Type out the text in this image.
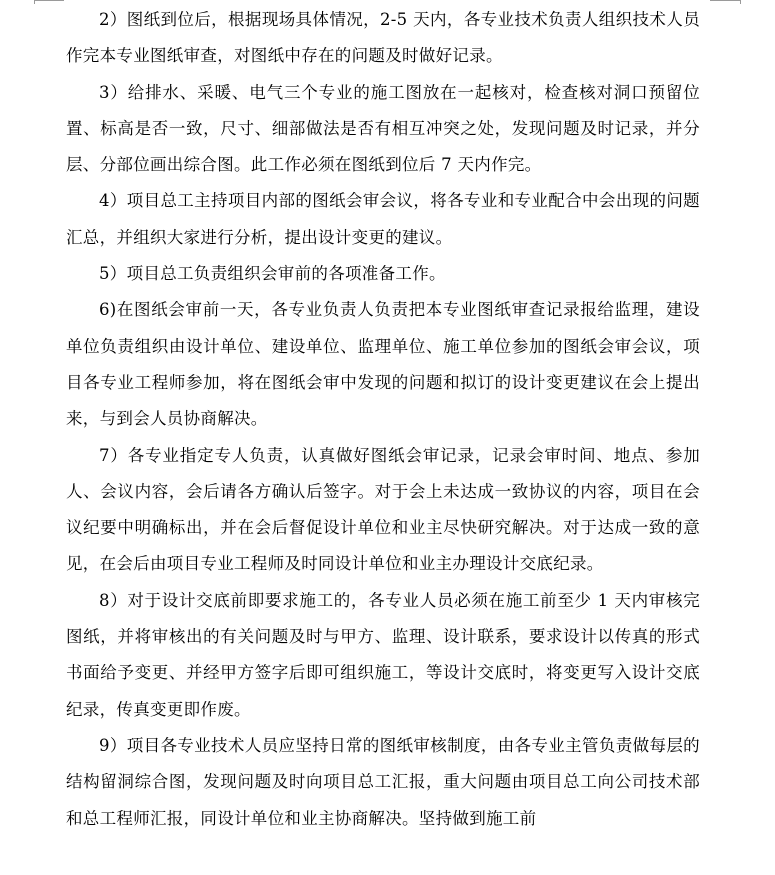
2）图纸到位后，根据现场具体情况，2-5 天内，各专业技术负责人组织技术人员作完本专业图纸审查，对图纸中存在的问题及时做好记录。

3）给排水、采暖、电气三个专业的施工图放在一起核对，检查核对洞口预留位置、标高是否一致，尺寸、细部做法是否有相互冲突之处，发现问题及时记录，并分层、分部位画出综合图。此工作必须在图纸到位后 7 天内作完。

4）项目总工主持项目内部的图纸会审会议，将各专业和专业配合中会出现的问题汇总，并组织大家进行分析，提出设计变更的建议。

5）项目总工负责组织会审前的各项准备工作。

6)在图纸会审前一天，各专业负责人负责把本专业图纸审查记录报给监理，建设单位负责组织由设计单位、建设单位、监理单位、施工单位参加的图纸会审会议，项目各专业工程师参加，将在图纸会审中发现的问题和拟订的设计变更建议在会上提出来，与到会人员协商解决。

7）各专业指定专人负责，认真做好图纸会审记录，记录会审时间、地点、参加人、会议内容，会后请各方确认后签字。对于会上未达成一致协议的内容，项目在会议纪要中明确标出，并在会后督促设计单位和业主尽快研究解决。对于达成一致的意见，在会后由项目专业工程师及时同设计单位和业主办理设计交底纪录。

8）对于设计交底前即要求施工的，各专业人员必须在施工前至少 1 天内审核完图纸，并将审核出的有关问题及时与甲方、监理、设计联系，要求设计以传真的形式书面给予变更、并经甲方签字后即可组织施工，等设计交底时，将变更写入设计交底纪录，传真变更即作废。

9）项目各专业技术人员应坚持日常的图纸审核制度，由各专业主管负责做每层的结构留洞综合图，发现问题及时向项目总工汇报，重大问题由项目总工向公司技术部和总工程师汇报，同设计单位和业主协商解决。坚持做到施工前
